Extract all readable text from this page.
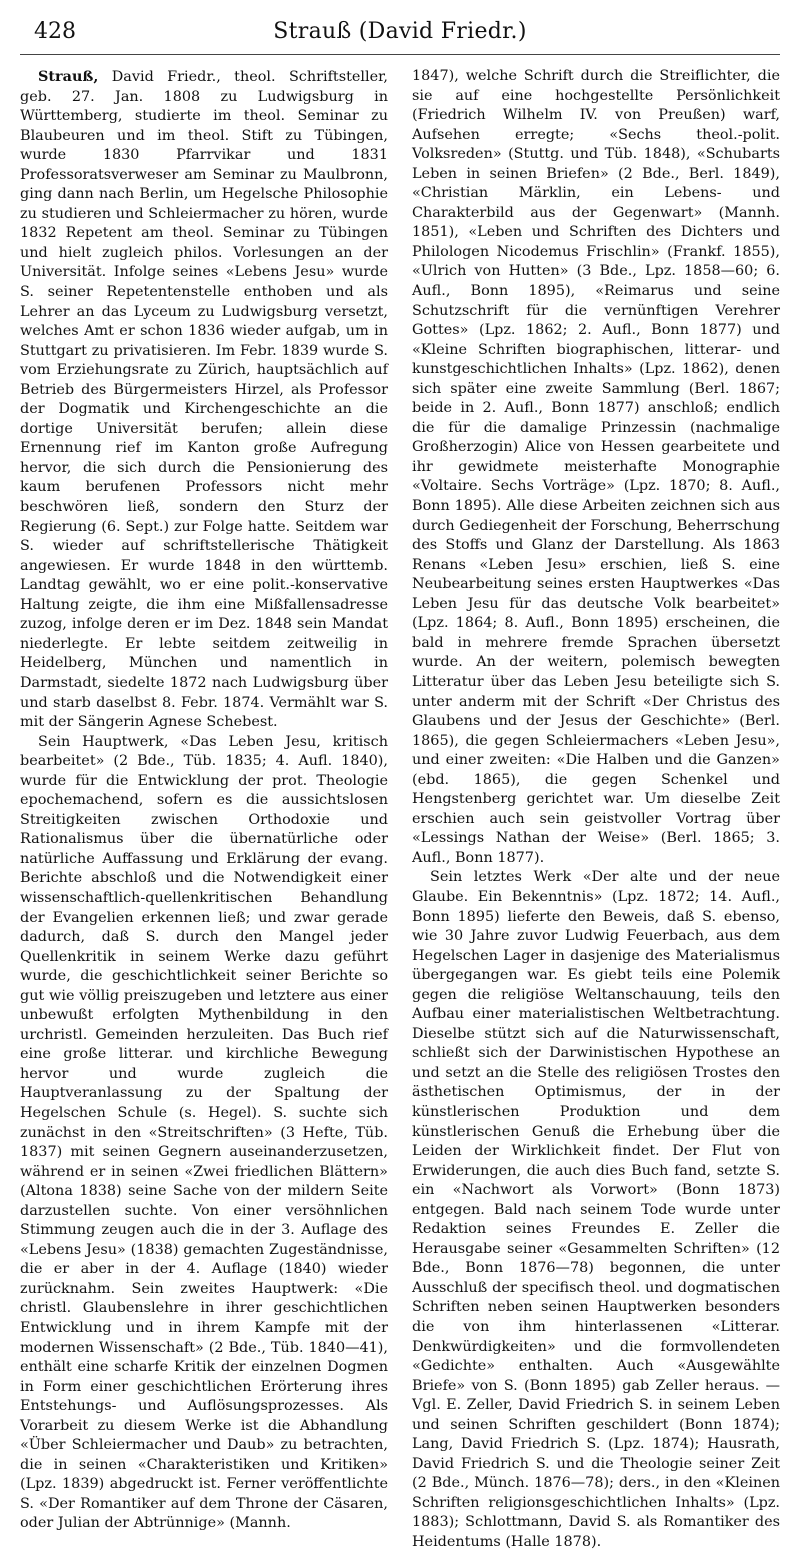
428	Strauß (David Friedr.)

Strauß, David Friedr., theol. Schriftsteller, geb. 27. Jan. 1808 zu Ludwigsburg in Württemberg, studierte im theol. Seminar zu Blaubeuren und im theol. Stift zu Tübingen, wurde 1830 Pfarrvikar und 1831 Professoratsverweser am Seminar zu Maulbronn, ging dann nach Berlin, um Hegelsche Philosophie zu studieren und Schleiermacher zu hören, wurde 1832 Repetent am theol. Seminar zu Tübingen und hielt zugleich philos. Vorlesungen an der Universität. Infolge seines «Lebens Jesu» wurde S. seiner Repetentenstelle enthoben und als Lehrer an das Lyceum zu Ludwigsburg versetzt, welches Amt er schon 1836 wieder aufgab, um in Stuttgart zu privatisieren. Im Febr. 1839 wurde S. vom Erziehungsrate zu Zürich, hauptsächlich auf Betrieb des Bürgermeisters Hirzel, als Professor der Dogmatik und Kirchengeschichte an die dortige Universität berufen; allein diese Ernennung rief im Kanton große Aufregung hervor, die sich durch die Pensionierung des kaum berufenen Professors nicht mehr beschwören ließ, sondern den Sturz der Regierung (6. Sept.) zur Folge hatte. Seitdem war S. wieder auf schriftstellerische Thätigkeit angewiesen. Er wurde 1848 in den württemb. Landtag gewählt, wo er eine polit.-konservative Haltung zeigte, die ihm eine Mißfallensadresse zuzog, infolge deren er im Dez. 1848 sein Mandat niederlegte. Er lebte seitdem zeitweilig in Heidelberg, München und namentlich in Darmstadt, siedelte 1872 nach Ludwigsburg über und starb daselbst 8. Febr. 1874. Vermählt war S. mit der Sängerin Agnese Schebest.

Sein Hauptwerk, «Das Leben Jesu, kritisch bearbeitet» (2 Bde., Tüb. 1835; 4. Aufl. 1840), wurde für die Entwicklung der prot. Theologie epochemachend, sofern es die aussichtslosen Streitigkeiten zwischen Orthodoxie und Rationalismus über die übernatürliche oder natürliche Auffassung und Erklärung der evang. Berichte abschloß und die Notwendigkeit einer wissenschaftlich-quellenkritischen Behandlung der Evangelien erkennen ließ; und zwar gerade dadurch, daß S. durch den Mangel jeder Quellenkritik in seinem Werke dazu geführt wurde, die geschichtlichkeit seiner Berichte so gut wie völlig preiszugeben und letztere aus einer unbewußt erfolgten Mythenbildung in den urchristl. Gemeinden herzuleiten. Das Buch rief eine große litterar. und kirchliche Bewegung hervor und wurde zugleich die Hauptveranlassung zu der Spaltung der Hegelschen Schule (s. Hegel). S. suchte sich zunächst in den «Streitschriften» (3 Hefte, Tüb. 1837) mit seinen Gegnern auseinanderzusetzen, während er in seinen «Zwei friedlichen Blättern» (Altona 1838) seine Sache von der mildern Seite darzustellen suchte. Von einer versöhnlichen Stimmung zeugen auch die in der 3. Auflage des «Lebens Jesu» (1838) gemachten Zugeständnisse, die er aber in der 4. Auflage (1840) wieder zurücknahm. Sein zweites Hauptwerk: «Die christl. Glaubenslehre in ihrer geschichtlichen Entwicklung und in ihrem Kampfe mit der modernen Wissenschaft» (2 Bde., Tüb. 1840—41), enthält eine scharfe Kritik der einzelnen Dogmen in Form einer geschichtlichen Erörterung ihres Entstehungs- und Auflösungsprozesses. Als Vorarbeit zu diesem Werke ist die Abhandlung «Über Schleiermacher und Daub» zu betrachten, die in seinen «Charakteristiken und Kritiken» (Lpz. 1839) abgedruckt ist. Ferner veröffentlichte S. «Der Romantiker auf dem Throne der Cäsaren, oder Julian der Abtrünnige» (Mannh.

1847), welche Schrift durch die Streiflichter, die sie auf eine hochgestellte Persönlichkeit (Friedrich Wilhelm IV. von Preußen) warf, Aufsehen erregte; «Sechs theol.-polit. Volksreden» (Stuttg. und Tüb. 1848), «Schubarts Leben in seinen Briefen» (2 Bde., Berl. 1849), «Christian Märklin, ein Lebens- und Charakterbild aus der Gegenwart» (Mannh. 1851), «Leben und Schriften des Dichters und Philologen Nicodemus Frischlin» (Frankf. 1855), «Ulrich von Hutten» (3 Bde., Lpz. 1858—60; 6. Aufl., Bonn 1895), «Reimarus und seine Schutzschrift für die vernünftigen Verehrer Gottes» (Lpz. 1862; 2. Aufl., Bonn 1877) und «Kleine Schriften biographischen, litterar- und kunstgeschichtlichen Inhalts» (Lpz. 1862), denen sich später eine zweite Sammlung (Berl. 1867; beide in 2. Aufl., Bonn 1877) anschloß; endlich die für die damalige Prinzessin (nachmalige Großherzogin) Alice von Hessen gearbeitete und ihr gewidmete meisterhafte Monographie «Voltaire. Sechs Vorträge» (Lpz. 1870; 8. Aufl., Bonn 1895). Alle diese Arbeiten zeichnen sich aus durch Gediegenheit der Forschung, Beherrschung des Stoffs und Glanz der Darstellung. Als 1863 Renans «Leben Jesu» erschien, ließ S. eine Neubearbeitung seines ersten Hauptwerkes «Das Leben Jesu für das deutsche Volk bearbeitet» (Lpz. 1864; 8. Aufl., Bonn 1895) erscheinen, die bald in mehrere fremde Sprachen übersetzt wurde. An der weitern, polemisch bewegten Litteratur über das Leben Jesu beteiligte sich S. unter anderm mit der Schrift «Der Christus des Glaubens und der Jesus der Geschichte» (Berl. 1865), die gegen Schleiermachers «Leben Jesu», und einer zweiten: «Die Halben und die Ganzen» (ebd. 1865), die gegen Schenkel und Hengstenberg gerichtet war. Um dieselbe Zeit erschien auch sein geistvoller Vortrag über «Lessings Nathan der Weise» (Berl. 1865; 3. Aufl., Bonn 1877).

Sein letztes Werk «Der alte und der neue Glaube. Ein Bekenntnis» (Lpz. 1872; 14. Aufl., Bonn 1895) lieferte den Beweis, daß S. ebenso, wie 30 Jahre zuvor Ludwig Feuerbach, aus dem Hegelschen Lager in dasjenige des Materialismus übergegangen war. Es giebt teils eine Polemik gegen die religiöse Weltanschauung, teils den Aufbau einer materialistischen Weltbetrachtung. Dieselbe stützt sich auf die Naturwissenschaft, schließt sich der Darwinistischen Hypothese an und setzt an die Stelle des religiösen Trostes den ästhetischen Optimismus, der in der künstlerischen Produktion und dem künstlerischen Genuß die Erhebung über die Leiden der Wirklichkeit findet. Der Flut von Erwiderungen, die auch dies Buch fand, setzte S. ein «Nachwort als Vorwort» (Bonn 1873) entgegen. Bald nach seinem Tode wurde unter Redaktion seines Freundes E. Zeller die Herausgabe seiner «Gesammelten Schriften» (12 Bde., Bonn 1876—78) begonnen, die unter Ausschluß der specifisch theol. und dogmatischen Schriften neben seinen Hauptwerken besonders die von ihm hinterlassenen «Litterar. Denkwürdigkeiten» und die formvollendeten «Gedichte» enthalten. Auch «Ausgewählte Briefe» von S. (Bonn 1895) gab Zeller heraus. — Vgl. E. Zeller, David Friedrich S. in seinem Leben und seinen Schriften geschildert (Bonn 1874); Lang, David Friedrich S. (Lpz. 1874); Hausrath, David Friedrich S. und die Theologie seiner Zeit (2 Bde., Münch. 1876—78); ders., in den «Kleinen Schriften religionsgeschichtlichen Inhalts» (Lpz. 1883); Schlottmann, David S. als Romantiker des Heidentums (Halle 1878).
